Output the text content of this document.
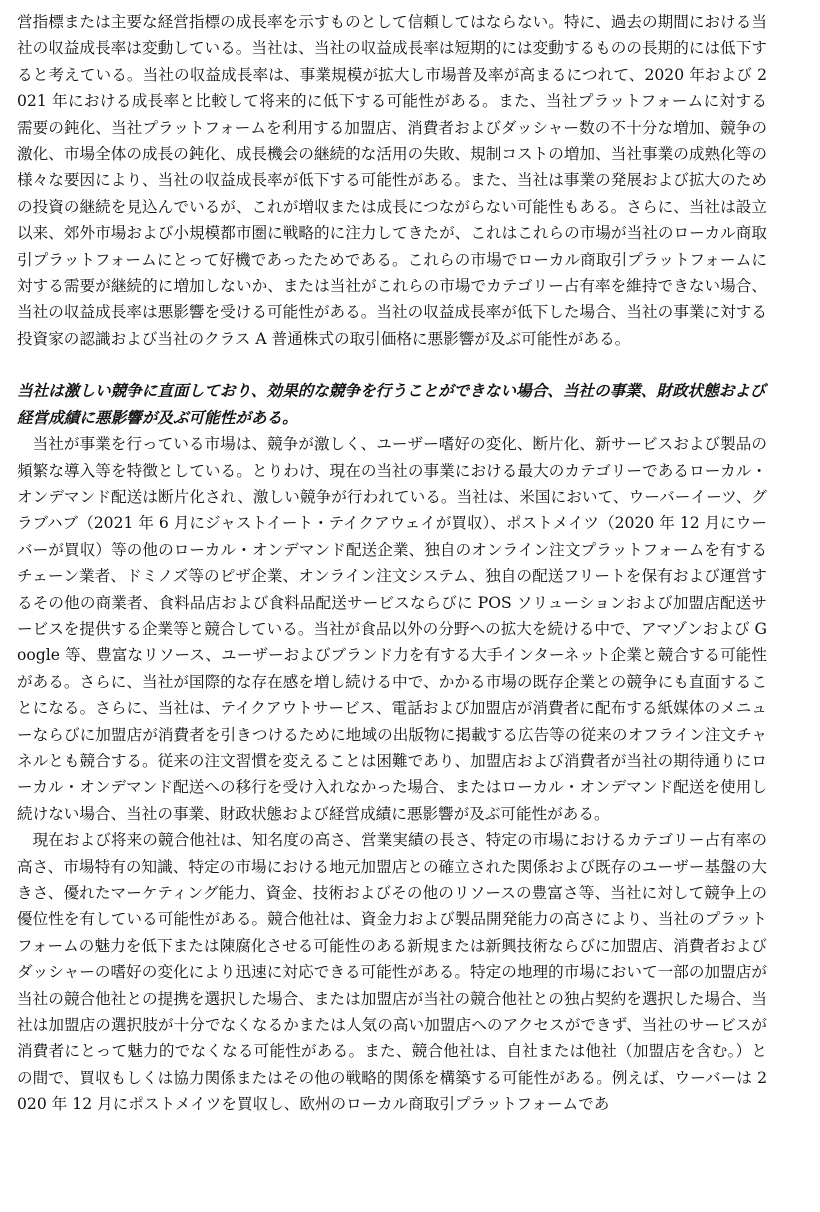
営指標または主要な経営指標の成長率を示すものとして信頼してはならない。特に、過去の期間における当社の収益成長率は変動している。当社は、当社の収益成長率は短期的には変動するものの長期的には低下すると考えている。当社の収益成長率は、事業規模が拡大し市場普及率が高まるにつれて、2020 年および 2021 年における成長率と比較して将来的に低下する可能性がある。また、当社プラットフォームに対する需要の鈍化、当社プラットフォームを利用する加盟店、消費者およびダッシャー数の不十分な増加、競争の激化、市場全体の成長の鈍化、成長機会の継続的な活用の失敗、規制コストの増加、当社事業の成熟化等の様々な要因により、当社の収益成長率が低下する可能性がある。また、当社は事業の発展および拡大のための投資の継続を見込んでいるが、これが増収または成長につながらない可能性もある。さらに、当社は設立以来、郊外市場および小規模都市圏に戦略的に注力してきたが、これはこれらの市場が当社のローカル商取引プラットフォームにとって好機であったためである。これらの市場でローカル商取引プラットフォームに対する需要が継続的に増加しないか、または当社がこれらの市場でカテゴリー占有率を維持できない場合、当社の収益成長率は悪影響を受ける可能性がある。当社の収益成長率が低下した場合、当社の事業に対する投資家の認識および当社のクラス A 普通株式の取引価格に悪影響が及ぶ可能性がある。

当社は激しい競争に直面しており、効果的な競争を行うことができない場合、当社の事業、財政状態および経営成績に悪影響が及ぶ可能性がある。

当社が事業を行っている市場は、競争が激しく、ユーザー嗜好の変化、断片化、新サービスおよび製品の頻繁な導入等を特徴としている。とりわけ、現在の当社の事業における最大のカテゴリーであるローカル・オンデマンド配送は断片化され、激しい競争が行われている。当社は、米国において、ウーバーイーツ、グラブハブ（2021 年 6 月にジャストイート・テイクアウェイが買収）、ポストメイツ（2020 年 12 月にウーバーが買収）等の他のローカル・オンデマンド配送企業、独自のオンライン注文プラットフォームを有するチェーン業者、ドミノズ等のピザ企業、オンライン注文システム、独自の配送フリートを保有および運営するその他の商業者、食料品店および食料品配送サービスならびに POS ソリューションおよび加盟店配送サービスを提供する企業等と競合している。当社が食品以外の分野への拡大を続ける中で、アマゾンおよび Google 等、豊富なリソース、ユーザーおよびブランド力を有する大手インターネット企業と競合する可能性がある。さらに、当社が国際的な存在感を増し続ける中で、かかる市場の既存企業との競争にも直面することになる。さらに、当社は、テイクアウトサービス、電話および加盟店が消費者に配布する紙媒体のメニューならびに加盟店が消費者を引きつけるために地域の出版物に掲載する広告等の従来のオフライン注文チャネルとも競合する。従来の注文習慣を変えることは困難であり、加盟店および消費者が当社の期待通りにローカル・オンデマンド配送への移行を受け入れなかった場合、またはローカル・オンデマンド配送を使用し続けない場合、当社の事業、財政状態および経営成績に悪影響が及ぶ可能性がある。

現在および将来の競合他社は、知名度の高さ、営業実績の長さ、特定の市場におけるカテゴリー占有率の高さ、市場特有の知識、特定の市場における地元加盟店との確立された関係および既存のユーザー基盤の大きさ、優れたマーケティング能力、資金、技術およびその他のリソースの豊富さ等、当社に対して競争上の優位性を有している可能性がある。競合他社は、資金力および製品開発能力の高さにより、当社のプラットフォームの魅力を低下または陳腐化させる可能性のある新規または新興技術ならびに加盟店、消費者およびダッシャーの嗜好の変化により迅速に対応できる可能性がある。特定の地理的市場において一部の加盟店が当社の競合他社との提携を選択した場合、または加盟店が当社の競合他社との独占契約を選択した場合、当社は加盟店の選択肢が十分でなくなるかまたは人気の高い加盟店へのアクセスができず、当社のサービスが消費者にとって魅力的でなくなる可能性がある。また、競合他社は、自社または他社（加盟店を含む。）との間で、買収もしくは協力関係またはその他の戦略的関係を構築する可能性がある。例えば、ウーバーは 2020 年 12 月にポストメイツを買収し、欧州のローカル商取引プラットフォームであ
